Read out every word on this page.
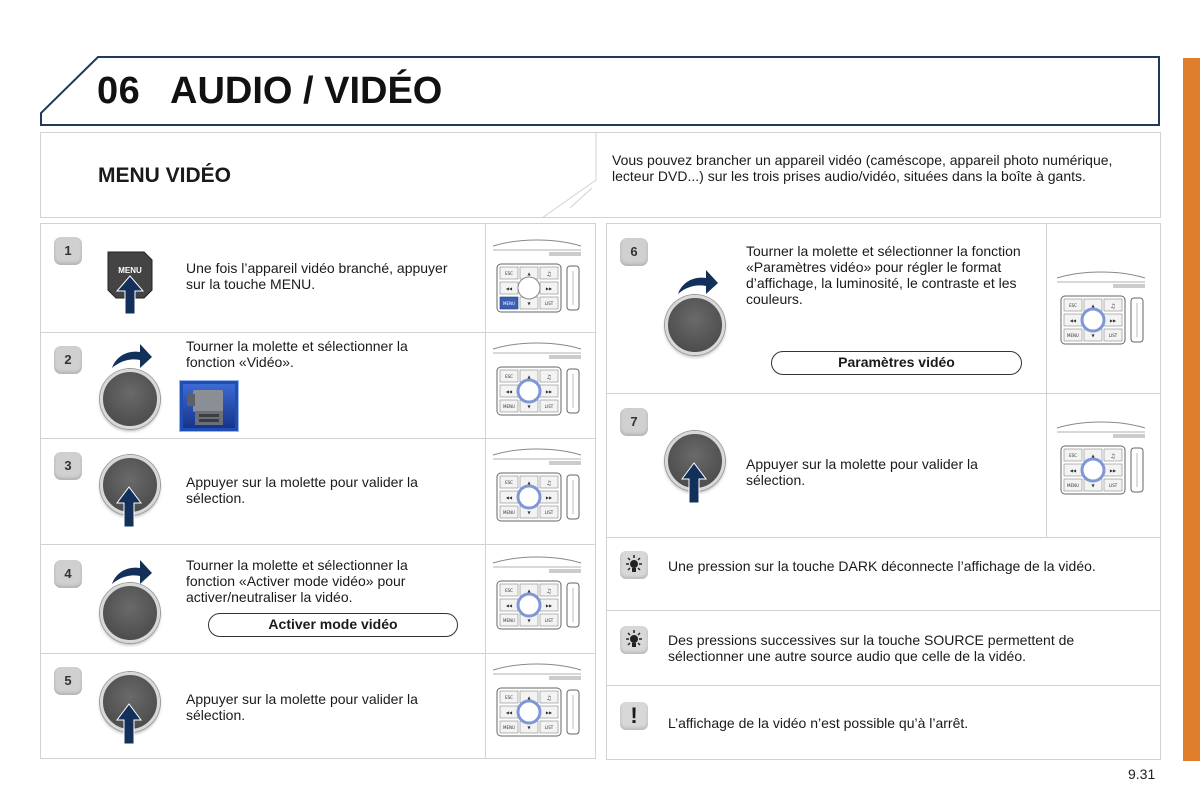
06 AUDIO / VIDÉO
MENU VIDÉO
Vous pouvez brancher un appareil vidéo (caméscope, appareil photo numérique, lecteur DVD...) sur les trois prises audio/vidéo, situées dans la boîte à gants.
1
MENU	Une fois l’appareil vidéo branché, appuyer sur la touche MENU.
2
Tourner la molette et sélectionner la fonction «Vidéo».
3
Appuyer sur la molette pour valider la sélection.
4
Tourner la molette et sélectionner la fonction «Activer mode vidéo» pour activer/neutraliser la vidéo.
Activer mode vidéo
5
Appuyer sur la molette pour valider la sélection.
6	Tourner la molette et sélectionner la fonction «Paramètres vidéo» pour régler le format d’affichage, la luminosité, le contraste et les couleurs.
Paramètres vidéo
7
Appuyer sur la molette pour valider la sélection.
Une pression sur la touche DARK déconnecte l’affichage de la vidéo.
Des pressions successives sur la touche SOURCE permettent de sélectionner une autre source audio que celle de la vidéo.
!	L’affichage de la vidéo n’est possible qu’à l’arrêt.
9.31
ESC	▲	♫
◀◀	▶▶
MENU	▼	LIST
ESC	▲	♫
◀◀	▶▶
MENU	▼	LIST
ESC	▲	♫
◀◀	▶▶
MENU	▼	LIST
ESC	▲	♫
◀◀	▶▶
MENU	▼	LIST
ESC	▲	♫
◀◀	▶▶
MENU	▼	LIST
ESC	▲	♫
◀◀	▶▶
MENU	▼	LIST
ESC	▲	♫
◀◀	▶▶
MENU	▼	LIST
